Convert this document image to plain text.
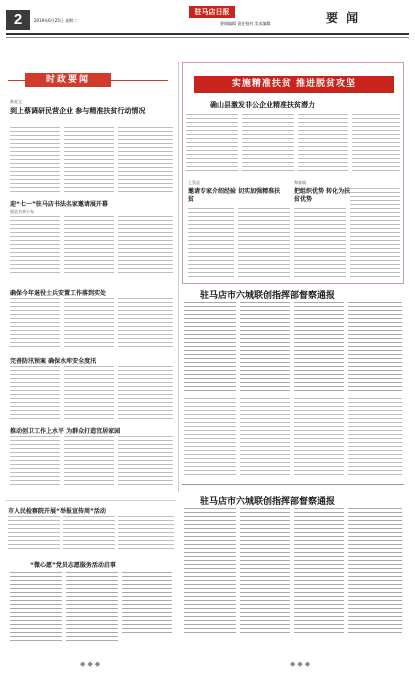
2	2019年6月25日 星期二
驻马店日报
要闻编辑 责任校对 美术编辑	要 闻
时政要闻
陈星文
到上蔡调研民营企业 参与精准扶贫行动情况
迎“七一”驻马店书法名家邀请展开幕
展县名单公布
确保今年退役士兵安置工作落到实处
完善防汛预案 确保水库安全度汛
推动创卫工作上水平 为群众打造宜居家园
市人民检察院开展“举报宣传周”活动
“微心愿”党员志愿服务活动启事
实施精准扶贫 推进脱贫攻坚
确山县激发非公企业精准扶贫潜力
上蔡县
邀请专家介绍经验 切实加强精准扶贫
和泰镇
把组织优势 转化为扶贫优势
驻马店市六城联创指挥部督察通报
驻马店市六城联创指挥部督察通报
◆◆◆	◆◆◆
